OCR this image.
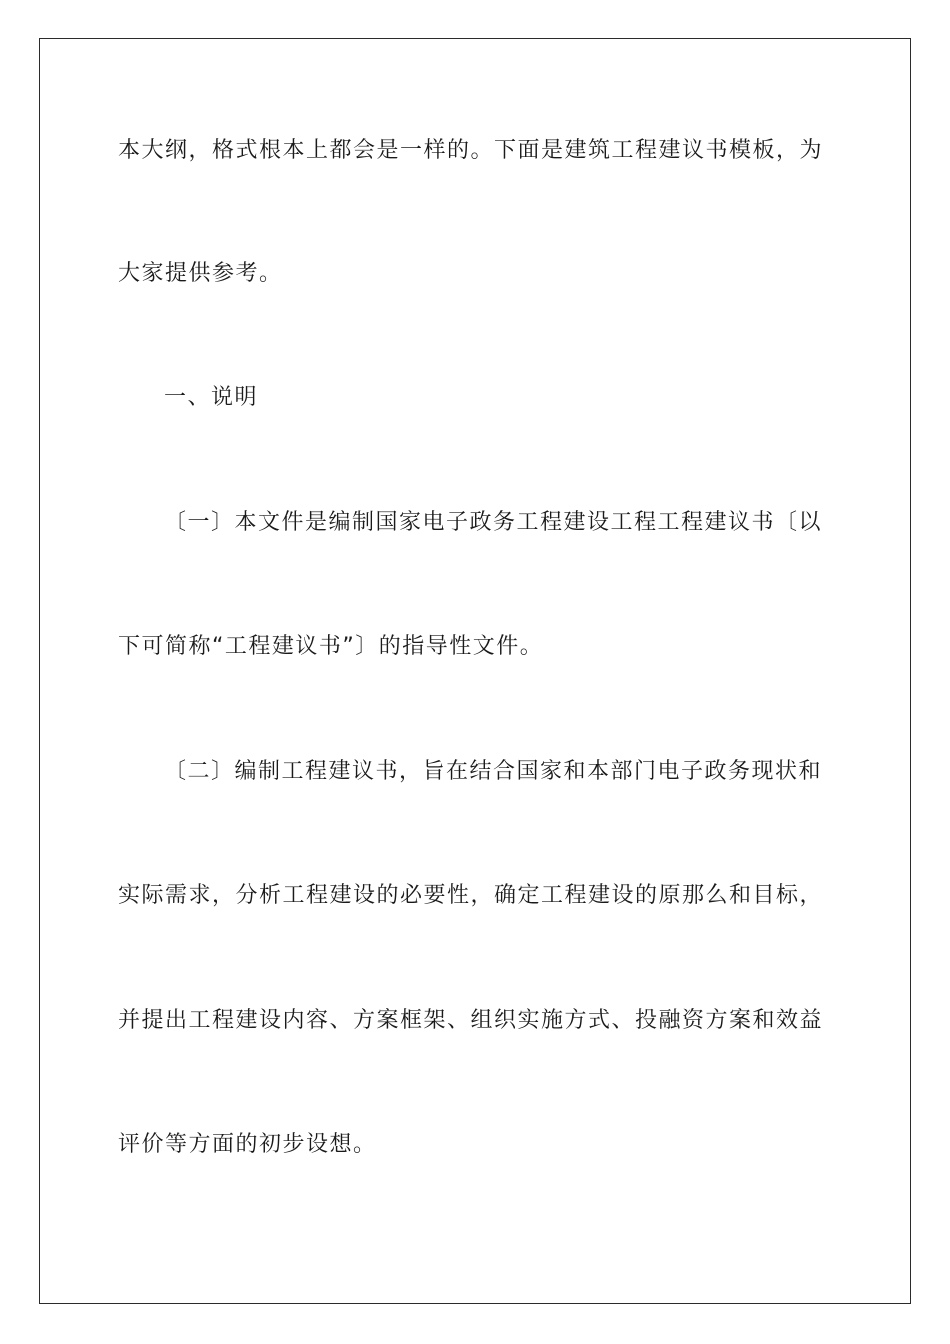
本大纲，格式根本上都会是一样的。下面是建筑工程建议书模板，为
大家提供参考。
一、说明
〔一〕本文件是编制国家电子政务工程建设工程工程建议书〔以
下可简称“工程建议书”〕的指导性文件。
〔二〕编制工程建议书，旨在结合国家和本部门电子政务现状和
实际需求，分析工程建设的必要性，确定工程建设的原那么和目标，
并提出工程建设内容、方案框架、组织实施方式、投融资方案和效益
评价等方面的初步设想。
